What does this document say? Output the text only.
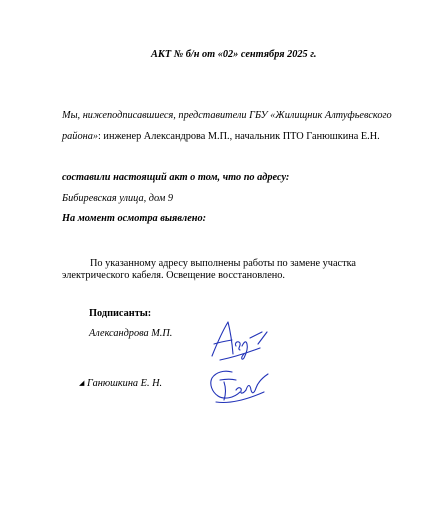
АКТ № б/н от «02» сентября 2025 г.
Мы, нижеподписавшиеся, представители ГБУ «Жилищник Алтуфьевского
района»: инженер Александрова М.П., начальник ПТО Ганюшкина Е.Н.
составили настоящий акт о том, что по адресу:
Бибиревская улица, дом 9
На момент осмотра выявлено:
По указанному адресу выполнены работы по замене участка
электрического кабеля. Освещение восстановлено.
Подписанты:
Александрова М.П.
◢ Ганюшкина Е. Н.
